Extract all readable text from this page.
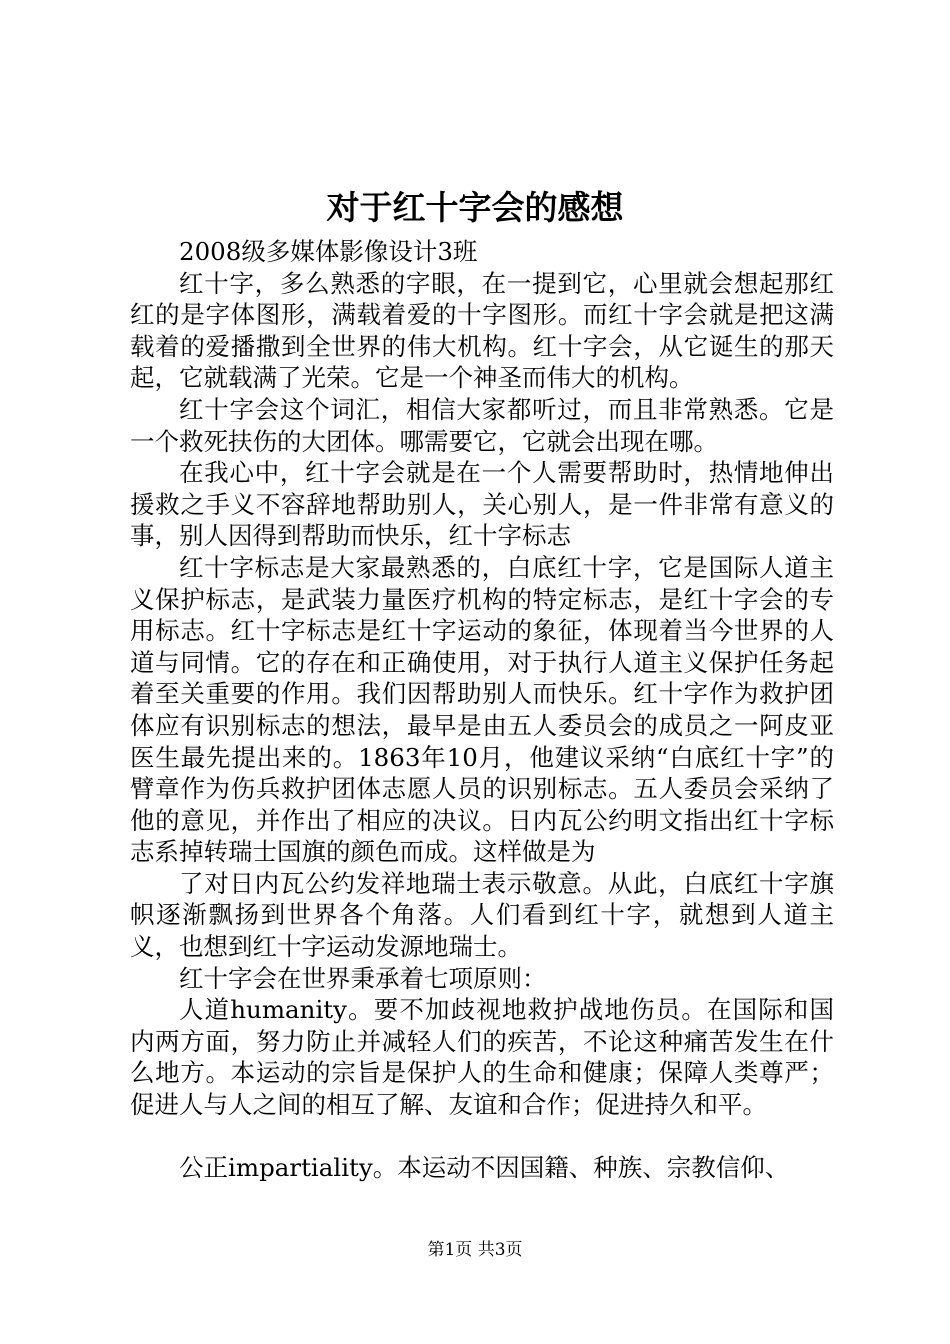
对于红十字会的感想

2008级多媒体影像设计3班

红十字，多么熟悉的字眼，在一提到它，心里就会想起那红红的是字体图形，满载着爱的十字图形。而红十字会就是把这满载着的爱播撒到全世界的伟大机构。红十字会，从它诞生的那天起，它就载满了光荣。它是一个神圣而伟大的机构。

红十字会这个词汇，相信大家都听过，而且非常熟悉。它是一个救死扶伤的大团体。哪需要它，它就会出现在哪。

在我心中，红十字会就是在一个人需要帮助时，热情地伸出援救之手义不容辞地帮助别人，关心别人，是一件非常有意义的事，别人因得到帮助而快乐，红十字标志

红十字标志是大家最熟悉的，白底红十字，它是国际人道主义保护标志，是武装力量医疗机构的特定标志，是红十字会的专用标志。红十字标志是红十字运动的象征，体现着当今世界的人道与同情。它的存在和正确使用，对于执行人道主义保护任务起着至关重要的作用。我们因帮助别人而快乐。红十字作为救护团体应有识别标志的想法，最早是由五人委员会的成员之一阿皮亚医生最先提出来的。1863年10月，他建议采纳“白底红十字”的臂章作为伤兵救护团体志愿人员的识别标志。五人委员会采纳了他的意见，并作出了相应的决议。日内瓦公约明文指出红十字标志系掉转瑞士国旗的颜色而成。这样做是为

了对日内瓦公约发祥地瑞士表示敬意。从此，白底红十字旗帜逐渐飘扬到世界各个角落。人们看到红十字，就想到人道主义，也想到红十字运动发源地瑞士。

红十字会在世界秉承着七项原则：

人道humanity。要不加歧视地救护战地伤员。在国际和国内两方面，努力防止并减轻人们的疾苦，不论这种痛苦发生在什么地方。本运动的宗旨是保护人的生命和健康；保障人类尊严；促进人与人之间的相互了解、友谊和合作；促进持久和平。

公正impartiality。本运动不因国籍、种族、宗教信仰、

第1页 共3页
